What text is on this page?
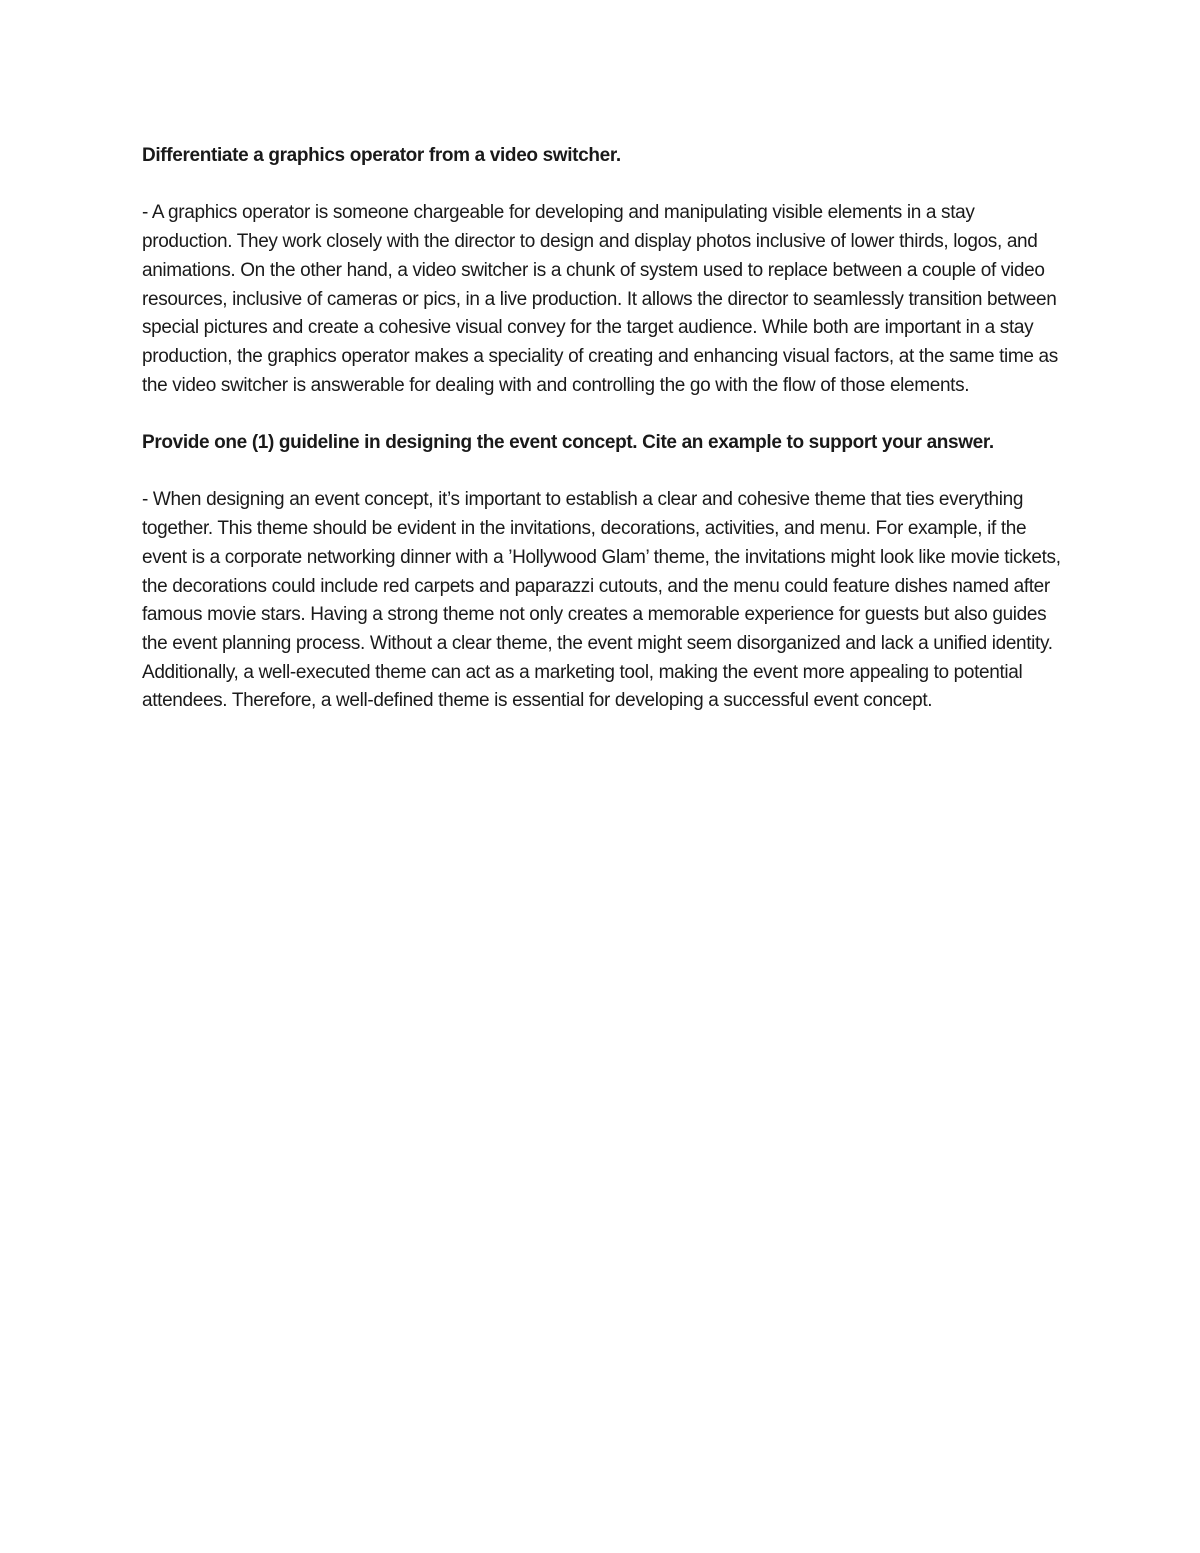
Differentiate a graphics operator from a video switcher.

- A graphics operator is someone chargeable for developing and manipulating visible elements in a stay production. They work closely with the director to design and display photos inclusive of lower thirds, logos, and animations. On the other hand, a video switcher is a chunk of system used to replace between a couple of video resources, inclusive of cameras or pics, in a live production. It allows the director to seamlessly transition between special pictures and create a cohesive visual convey for the target audience. While both are important in a stay production, the graphics operator makes a speciality of creating and enhancing visual factors, at the same time as the video switcher is answerable for dealing with and controlling the go with the flow of those elements.

Provide one (1) guideline in designing the event concept. Cite an example to support your answer.

- When designing an event concept, it’s important to establish a clear and cohesive theme that ties everything together. This theme should be evident in the invitations, decorations, activities, and menu. For example, if the event is a corporate networking dinner with a ’Hollywood Glam’ theme, the invitations might look like movie tickets, the decorations could include red carpets and paparazzi cutouts, and the menu could feature dishes named after famous movie stars. Having a strong theme not only creates a memorable experience for guests but also guides the event planning process. Without a clear theme, the event might seem disorganized and lack a unified identity. Additionally, a well-executed theme can act as a marketing tool, making the event more appealing to potential attendees. Therefore, a well-defined theme is essential for developing a successful event concept.
